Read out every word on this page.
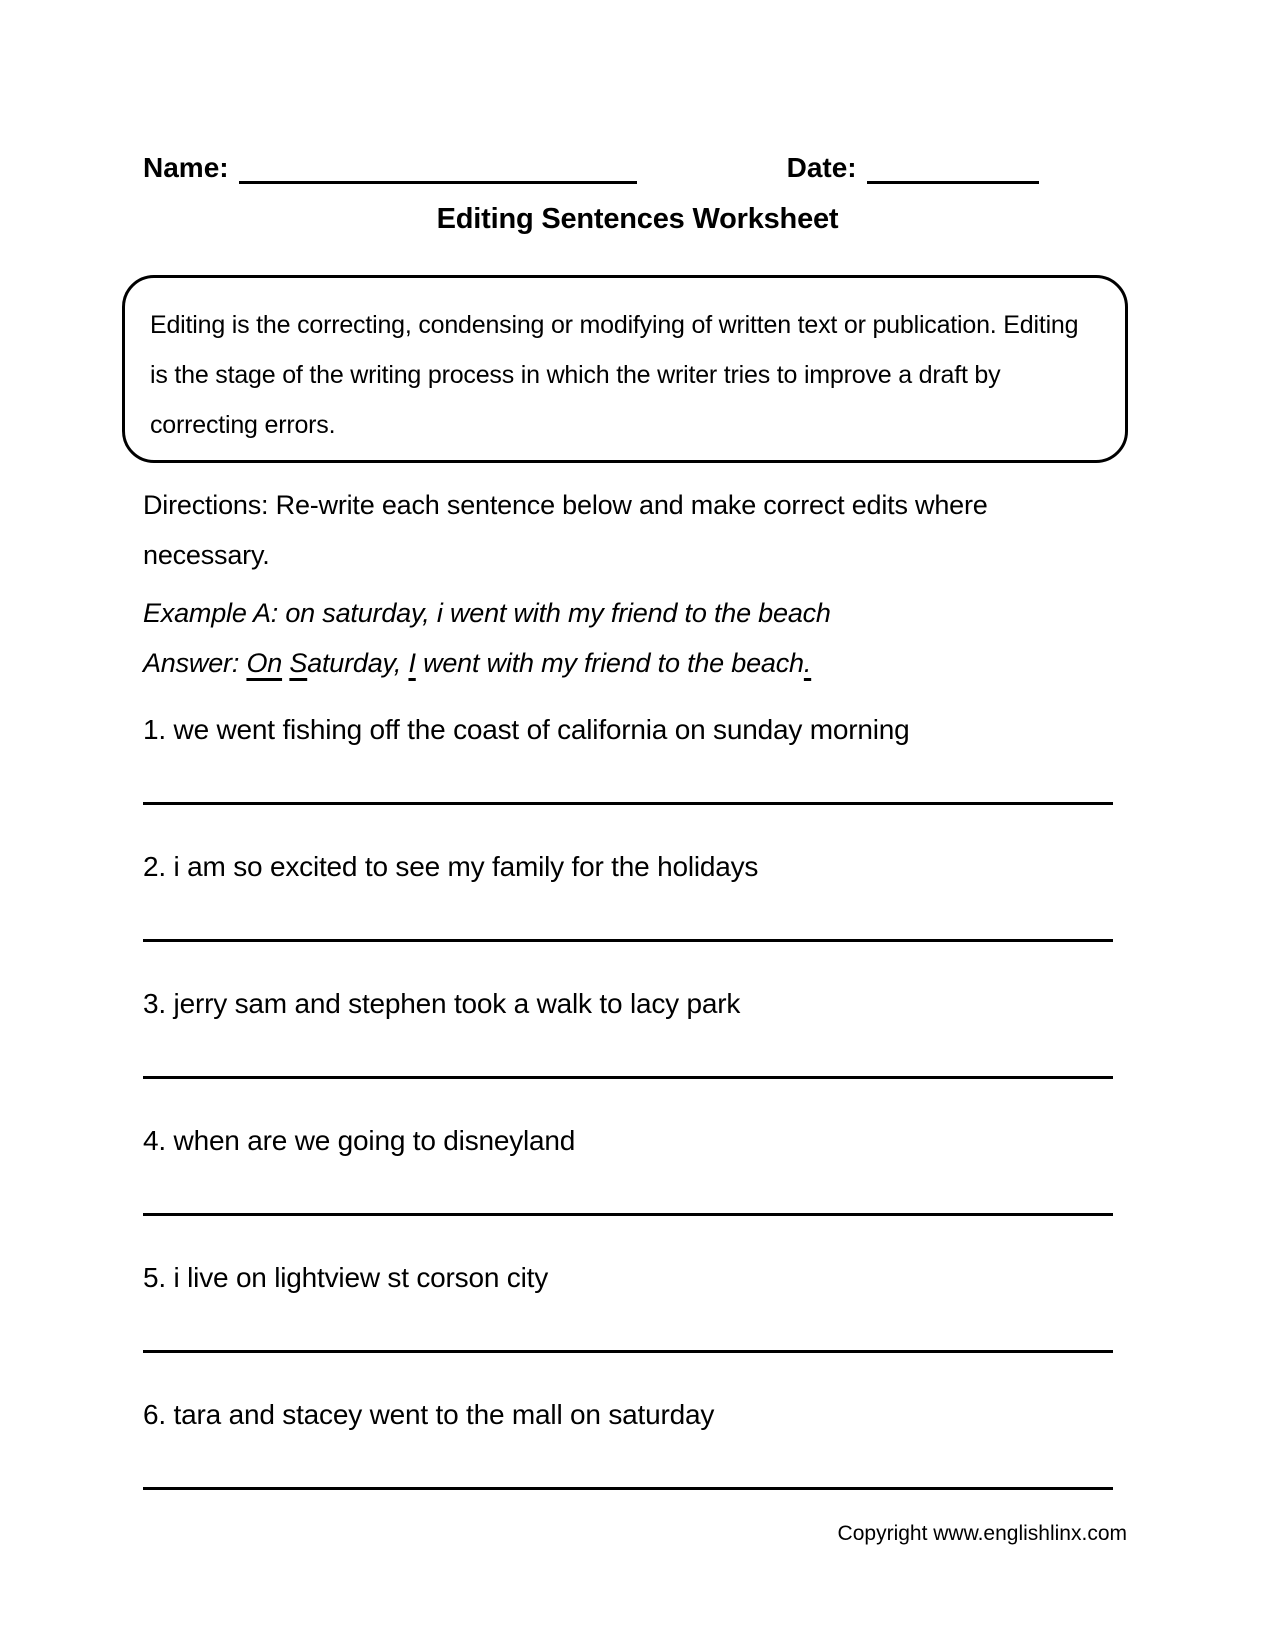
Name:	Date:
Editing Sentences Worksheet
Editing is the correcting, condensing or modifying of written text or publication. Editing is the stage of the writing process in which the writer tries to improve a draft by correcting errors.
Directions: Re-write each sentence below and make correct edits where necessary.
Example A: on saturday, i went with my friend to the beach
Answer: On Saturday, I went with my friend to the beach.
1. we went fishing off the coast of california on sunday morning
2. i am so excited to see my family for the holidays
3. jerry sam and stephen took a walk to lacy park
4. when are we going to disneyland
5. i live on lightview st corson city
6. tara and stacey went to the mall on saturday
Copyright www.englishlinx.com
